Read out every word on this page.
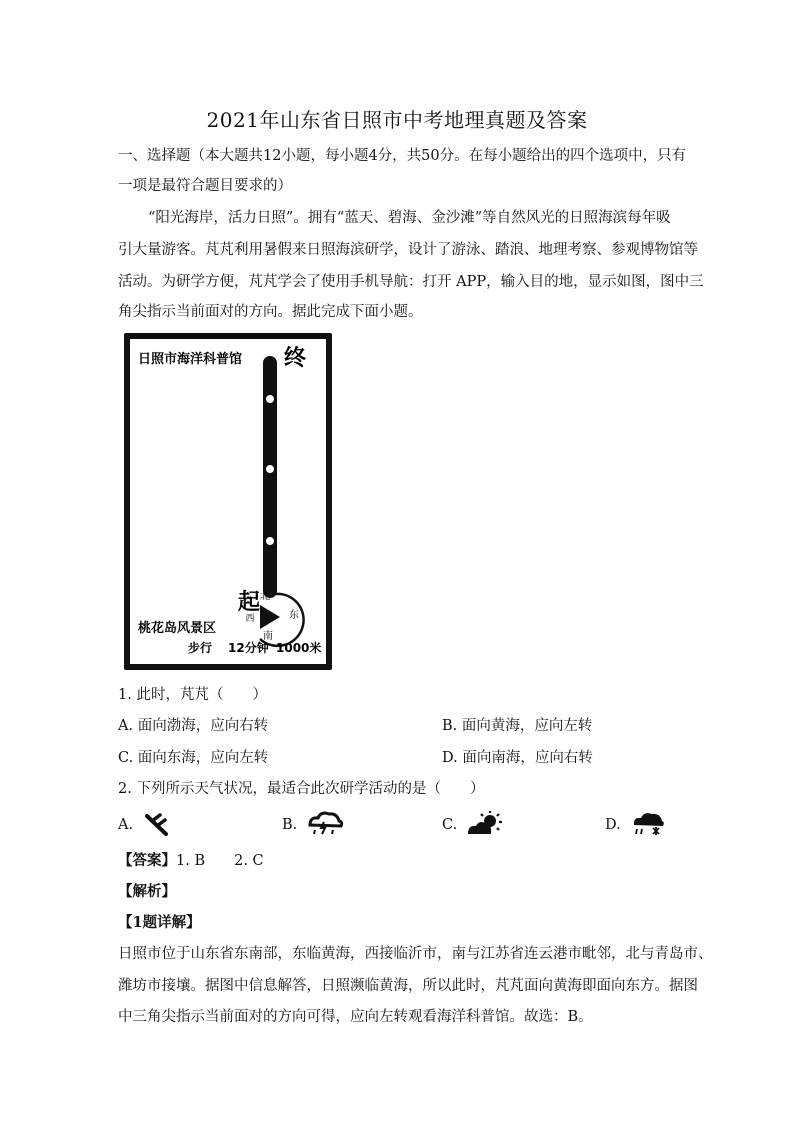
2021年山东省日照市中考地理真题及答案
一、选择题（本大题共12小题，每小题4分，共50分。在每小题给出的四个选项中，只有
一项是最符合题目要求的）
“阳光海岸，活力日照”。拥有“蓝天、碧海、金沙滩”等自然风光的日照海滨每年吸
引大量游客。芃芃利用暑假来日照海滨研学，设计了游泳、踏浪、地理考察、参观博物馆等
活动。为研学方便，芃芃学会了使用手机导航：打开 APP，输入目的地，显示如图，图中三
角尖指示当前面对的方向。据此完成下面小题。
北
东
南
西
日照市海洋科普馆 终
起
桃花岛风景区
步行 12分钟 1000米
1. 此时，芃芃（　　）
A. 面向渤海，应向右转	B. 面向黄海，应向左转
C. 面向东海，应向左转	D. 面向南海，应向右转
2. 下列所示天气状况，最适合此次研学活动的是（　　）
A.	B.	C.	D.
【答案】1. B　　2. C
【解析】
【1题详解】
日照市位于山东省东南部，东临黄海，西接临沂市，南与江苏省连云港市毗邻，北与青岛市、
潍坊市接壤。据图中信息解答，日照濒临黄海，所以此时，芃芃面向黄海即面向东方。据图
中三角尖指示当前面对的方向可得，应向左转观看海洋科普馆。故选：B。
